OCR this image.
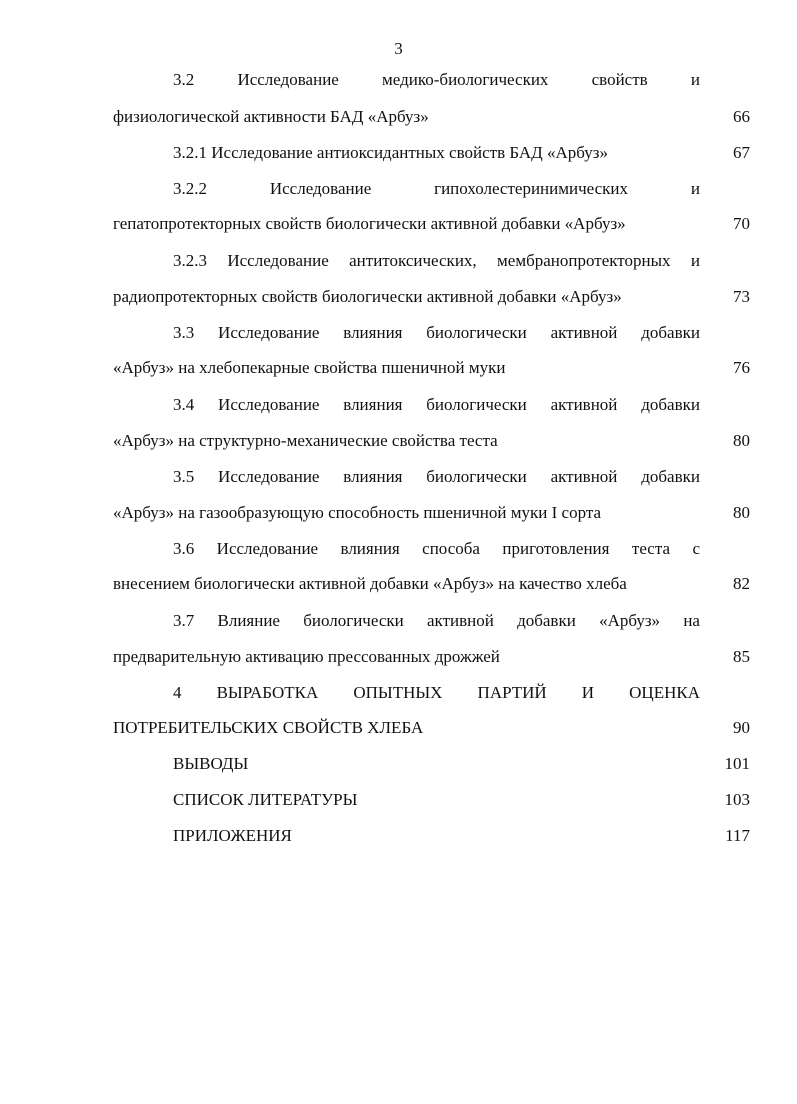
3
3.2	Исследование	медико-биологических	свойств	и
физиологической активности БАД «Арбуз»	66
3.2.1 Исследование антиоксидантных свойств БАД «Арбуз»	67
3.2.2	Исследование	гипохолестеринимических	и
гепатопротекторных свойств биологически активной добавки «Арбуз»	70
3.2.3 Исследование антитоксических, мембранопротекторных и
радиопротекторных свойств биологически активной добавки «Арбуз»	73
3.3 Исследование влияния биологически активной добавки
«Арбуз» на хлебопекарные свойства пшеничной муки	76
3.4 Исследование влияния биологически активной добавки
«Арбуз» на структурно-механические свойства теста	80
3.5 Исследование влияния биологически активной добавки
«Арбуз» на газообразующую способность пшеничной муки I сорта	80
3.6 Исследование влияния способа приготовления теста с
внесением биологически активной добавки «Арбуз» на качество хлеба	82
3.7 Влияние биологически активной добавки «Арбуз» на
предварительную активацию прессованных дрожжей	85
4 ВЫРАБОТКА ОПЫТНЫХ ПАРТИЙ И ОЦЕНКА
ПОТРЕБИТЕЛЬСКИХ СВОЙСТВ ХЛЕБА	90
ВЫВОДЫ	101
СПИСОК ЛИТЕРАТУРЫ	103
ПРИЛОЖЕНИЯ	117
